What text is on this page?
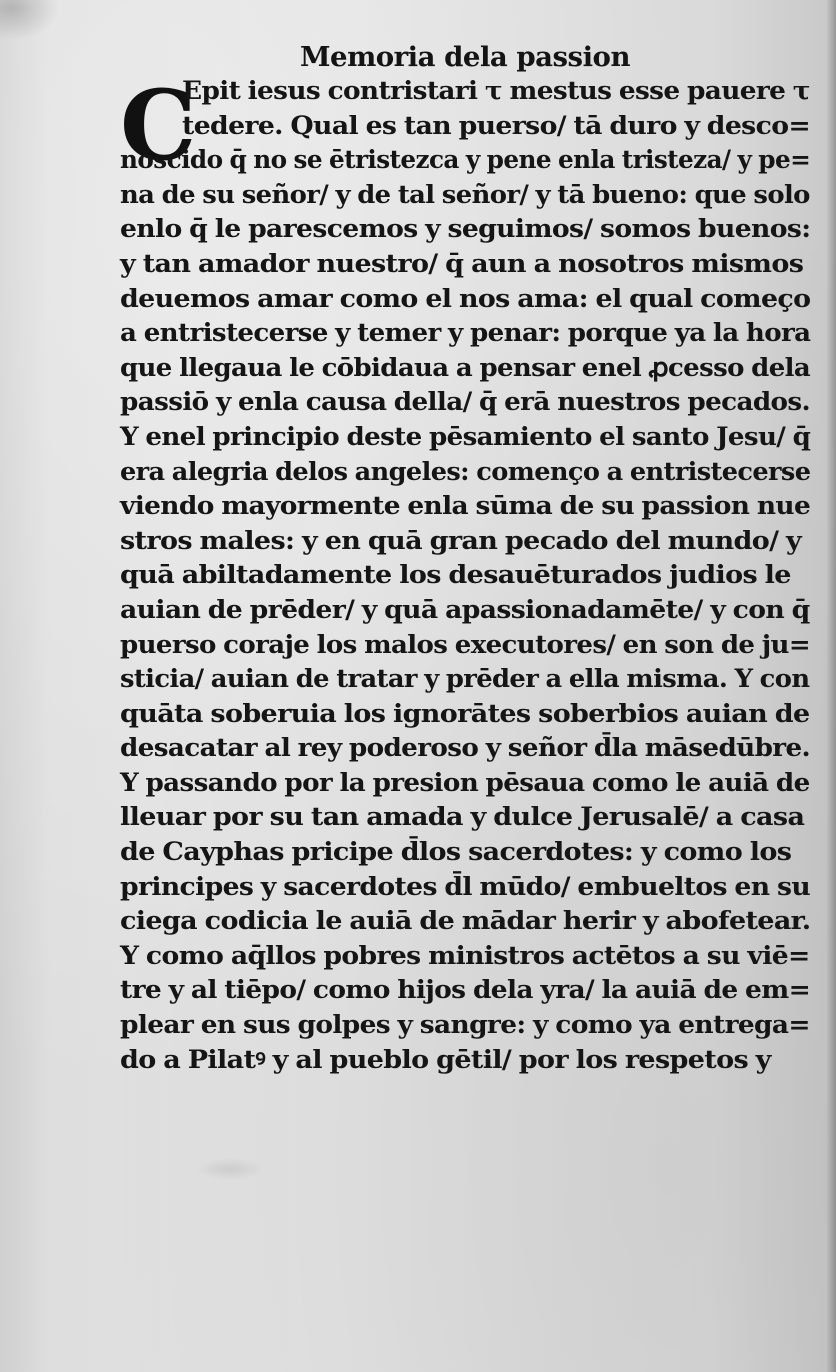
Memoria dela passion
C
Epit iesus contristari τ mestus esse pauere τ
tedere. Qual es tan puerso/ tā duro y desco=
noscido q̄ no se ētristezca y pene enla tristeza/ y pe=
na de su señor/ y de tal señor/ y tā bueno: que solo
enlo q̄ le parescemos y seguimos/ somos buenos:
y tan amador nuestro/ q̄ aun a nosotros mismos
deuemos amar como el nos ama: el qual começo
a entristecerse y temer y penar: porque ya la hora
que llegaua le cōbidaua a pensar enel ꝓcesso dela
passiō y enla causa della/ q̄ erā nuestros pecados.
Y enel principio deste pēsamiento el santo Jesu/ q̄
era alegria delos angeles: començo a entristecerse
viendo mayormente enla sūma de su passion nue
stros males: y en quā gran pecado del mundo/ y
quā abiltadamente los desauēturados judios le
auian de prēder/ y quā apassionadamēte/ y con q̄
puerso coraje los malos executores/ en son de ju=
sticia/ auian de tratar y prēder a ella misma. Y con
quāta soberuia los ignorātes soberbios auian de
desacatar al rey poderoso y señor d̄la māsedūbre.
Y passando por la presion pēsaua como le auiā de
lleuar por su tan amada y dulce Jerusalē/ a casa
de Cayphas pricipe d̄los sacerdotes: y como los
principes y sacerdotes d̄l mūdo/ embueltos en su
ciega codicia le auiā de mādar herir y abofetear.
Y como aq̄llos pobres ministros actētos a su viē=
tre y al tiēpo/ como hijos dela yra/ la auiā de em=
plear en sus golpes y sangre: y como ya entrega=
do a Pilatꝰ y al pueblo gētil/ por los respetos y
